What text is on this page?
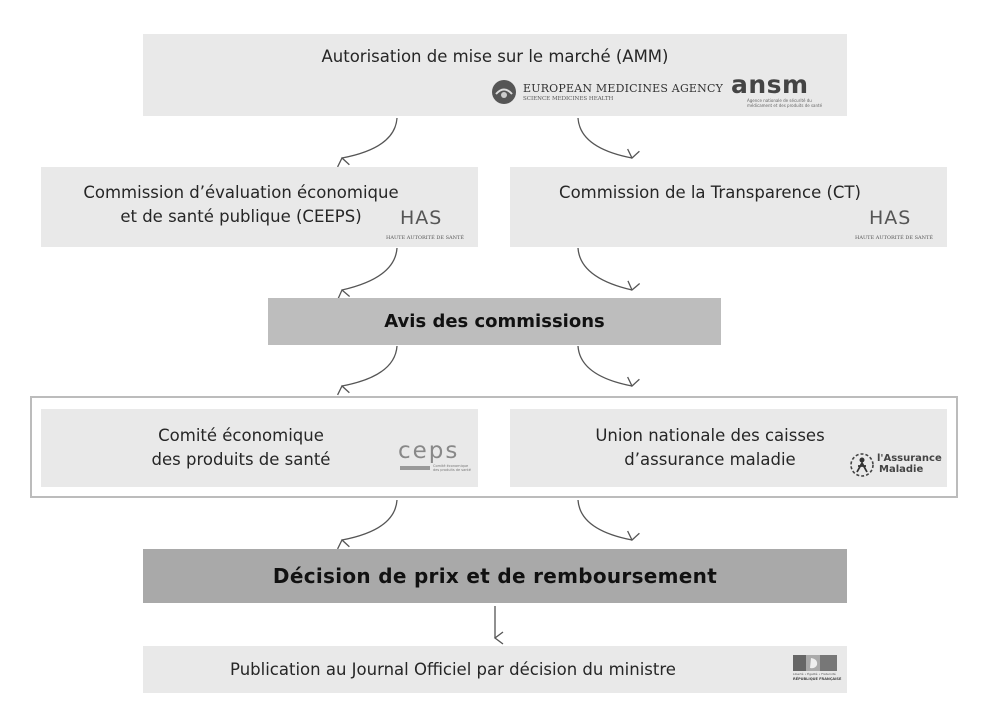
Autorisation de mise sur le marché (AMM)
EUROPEAN MEDICINES AGENCY
SCIENCE MEDICINES HEALTH	ansm
Agence nationale de sécurité du médicament et des produits de santé
Commission d’évaluation économique
et de santé publique (CEEPS)	HAS
HAUTE AUTORITÉ DE SANTÉ
Commission de la Transparence (CT)
HAS
HAUTE AUTORITÉ DE SANTÉ
Avis des commissions
Comité économique
des produits de santé	ceps
Comité économique des produits de santé
Union nationale des caisses
d’assurance maladie	l'Assurance
Maladie
Décision de prix et de remboursement
Publication au Journal Officiel par décision du ministre	Liberté • Égalité • Fraternité
RÉPUBLIQUE FRANÇAISE
